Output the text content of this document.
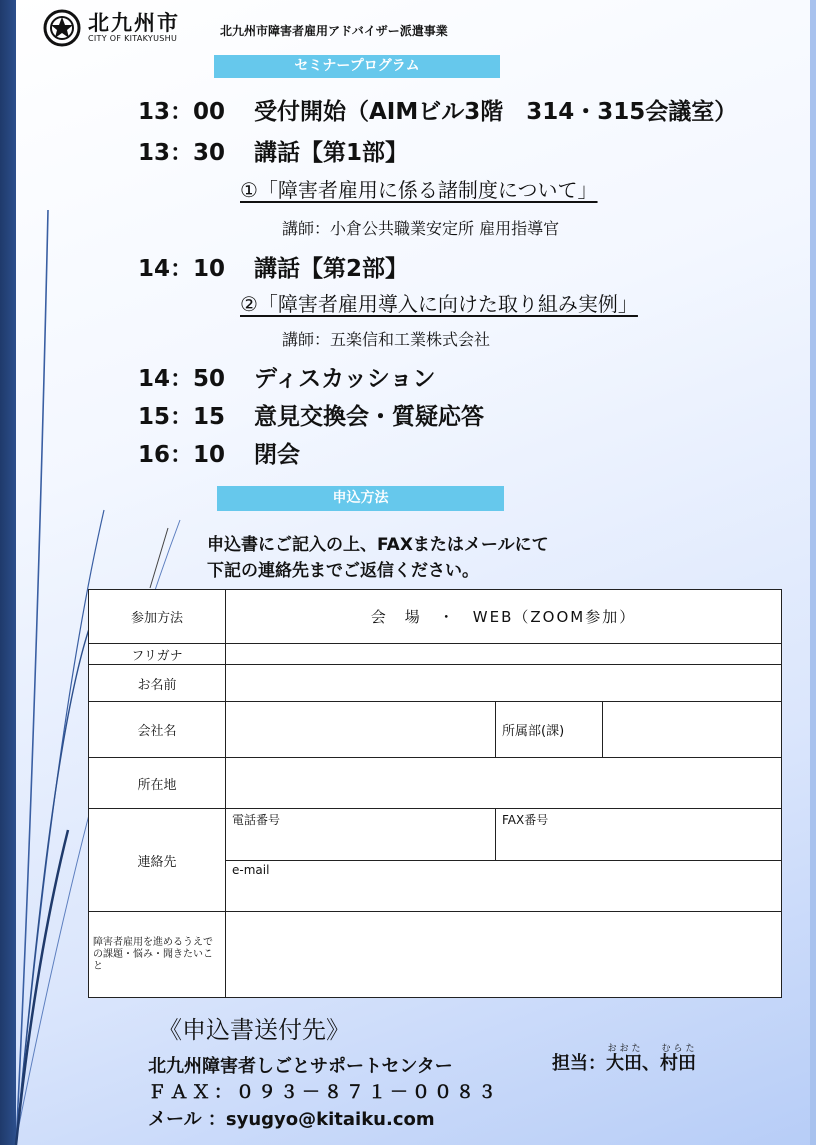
北九州市
CITY OF KITAKYUSHU
北九州市障害者雇用アドバイザー派遣事業
セミナープログラム
13：00 受付開始（AIMビル3階　314・315会議室）
13：30 講話【第1部】
①「障害者雇用に係る諸制度について」
講師：小倉公共職業安定所 雇用指導官
14：10 講話【第2部】
②「障害者雇用導入に向けた取り組み実例」
講師：五楽信和工業株式会社
14：50 ディスカッション
15：15 意見交換会・質疑応答
16：10 閉会
申込方法
申込書にご記入の上、FAXまたはメールにて
下記の連絡先までご返信ください。
参加方法	会　場　・　WEB（ZOOM参加）		
フリガナ			
お名前			
会社名		所属部(課)	
所在地			
連絡先	電話番号	FAX番号	
	e-mail		
障害者雇用を進めるうえでの課題・悩み・聞きたいこと			
《申込書送付先》
北九州障害者しごとサポートセンター
ＦＡＸ：０９３－８７１－００８３
メール ：syugyo@kitaiku.com
担当：大田おおた、村田むらた
